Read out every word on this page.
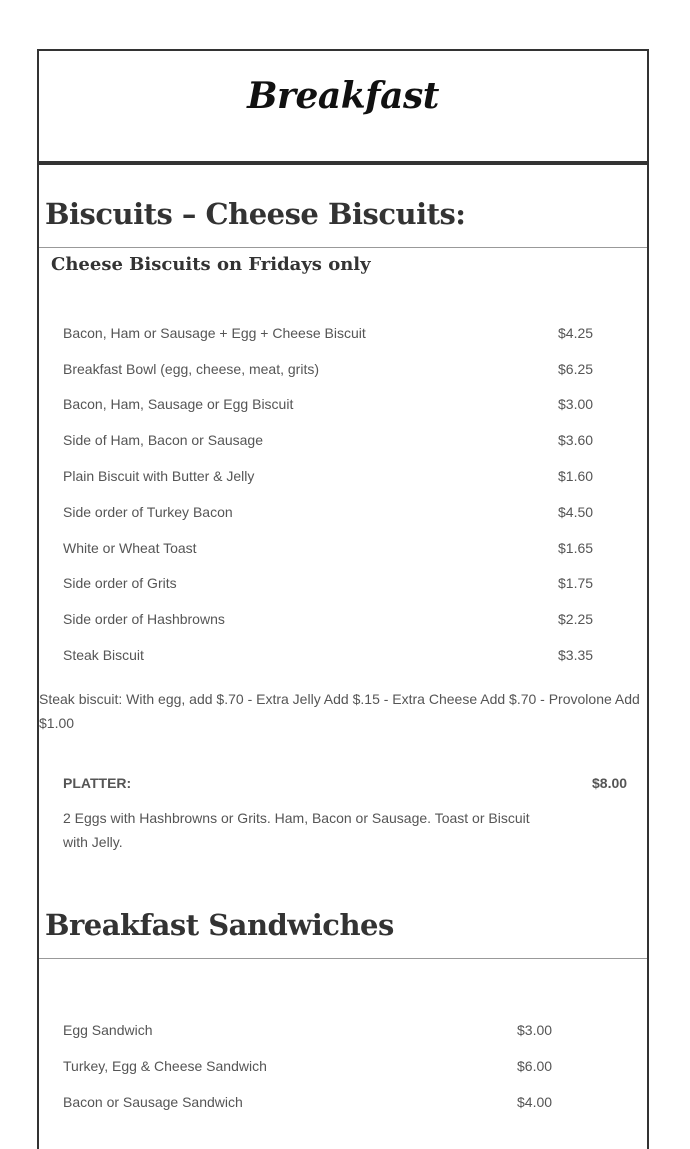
Breakfast
Biscuits – Cheese Biscuits:
Cheese Biscuits on Fridays only
Bacon, Ham or Sausage + Egg + Cheese Biscuit	$4.25
Breakfast Bowl (egg, cheese, meat, grits)	$6.25
Bacon, Ham, Sausage or Egg Biscuit	$3.00
Side of Ham, Bacon or Sausage	$3.60
Plain Biscuit with Butter & Jelly	$1.60
Side order of Turkey Bacon	$4.50
White or Wheat Toast	$1.65
Side order of Grits	$1.75
Side order of Hashbrowns	$2.25
Steak Biscuit	$3.35

Steak biscuit: With egg, add $.70 - Extra Jelly Add $.15 - Extra Cheese Add $.70 - Provolone Add $1.00

PLATTER:	$8.00

2 Eggs with Hashbrowns or Grits. Ham, Bacon or Sausage. Toast or Biscuit with Jelly.

Breakfast Sandwiches
Egg Sandwich	$3.00
Turkey, Egg & Cheese Sandwich	$6.00
Bacon or Sausage Sandwich	$4.00
